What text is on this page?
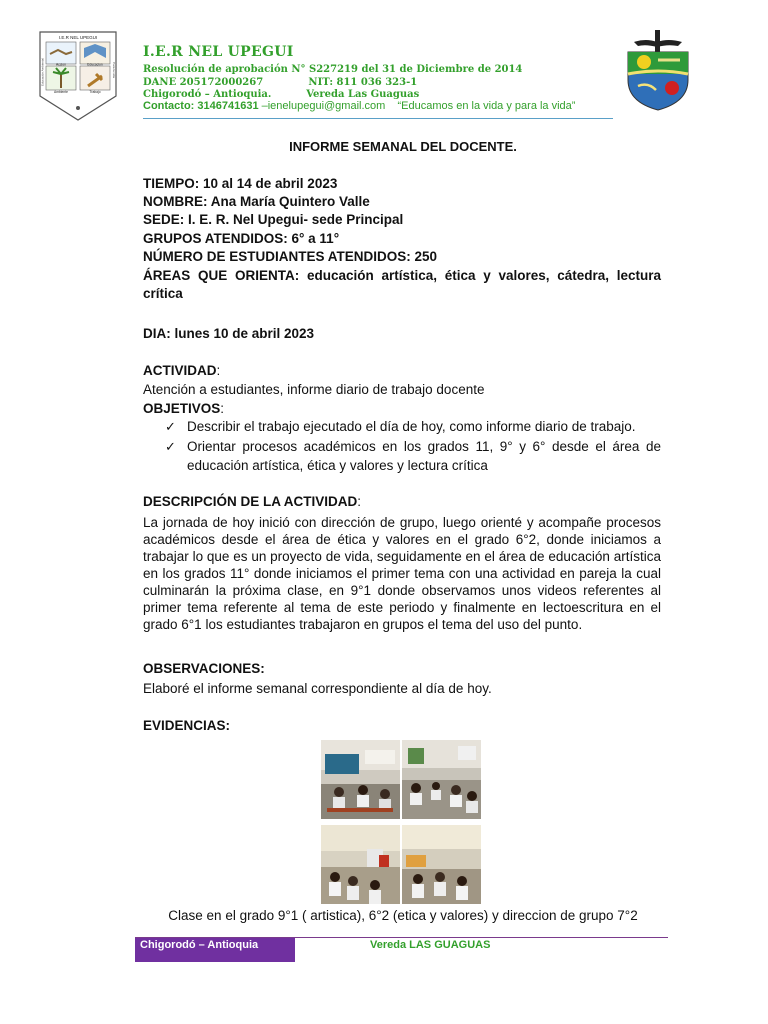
I.E.R NEL UPEGUI
Accion	Educacion
Ambiente	Trabajo
Educación Ambiental	Para la vida
I.E.R NEL UPEGUI
Resolución de aprobación N° S227219 del 31 de Diciembre de 2014
DANE 205172000267             NIT: 811 036 323-1
Chigorodó – Antioquia.          Vereda Las Guaguas
Contacto: 3146741631 –ienelupegui@gmail.com    “Educamos en la vida y para la vida”
INFORME SEMANAL DEL DOCENTE.
TIEMPO: 10 al 14 de abril 2023
NOMBRE: Ana María Quintero Valle
SEDE: I. E. R. Nel Upegui- sede Principal
GRUPOS ATENDIDOS: 6° a 11°
NÚMERO DE ESTUDIANTES ATENDIDOS: 250
ÁREAS QUE ORIENTA: educación artística, ética y valores, cátedra, lectura crítica
DIA: lunes 10 de abril 2023
ACTIVIDAD:
Atención a estudiantes, informe diario de trabajo docente
OBJETIVOS:
✓ Describir el trabajo ejecutado el día de hoy, como informe diario de trabajo.
✓ Orientar procesos académicos en los grados 11, 9° y 6° desde el área de educación artística, ética y valores y lectura crítica
DESCRIPCIÓN DE LA ACTIVIDAD:
La jornada de hoy inició con dirección de grupo, luego orienté y acompañe procesos académicos desde el área de ética y valores en el grado 6°2, donde iniciamos a trabajar lo que es un proyecto de vida, seguidamente en el área de educación artística en los grados 11° donde iniciamos el primer tema con una actividad en pareja la cual culminarán la próxima clase, en 9°1 donde observamos unos videos referentes al primer tema referente al tema de este periodo y finalmente en lectoescritura en el grado 6°1 los estudiantes trabajaron en grupos el tema del uso del punto.
OBSERVACIONES:
Elaboré el informe semanal correspondiente al día de hoy.
EVIDENCIAS:
Clase en el grado 9°1 ( artistica), 6°2 (etica y valores) y direccion de grupo 7°2
Chigorodó – Antioquia	Vereda LAS GUAGUAS
